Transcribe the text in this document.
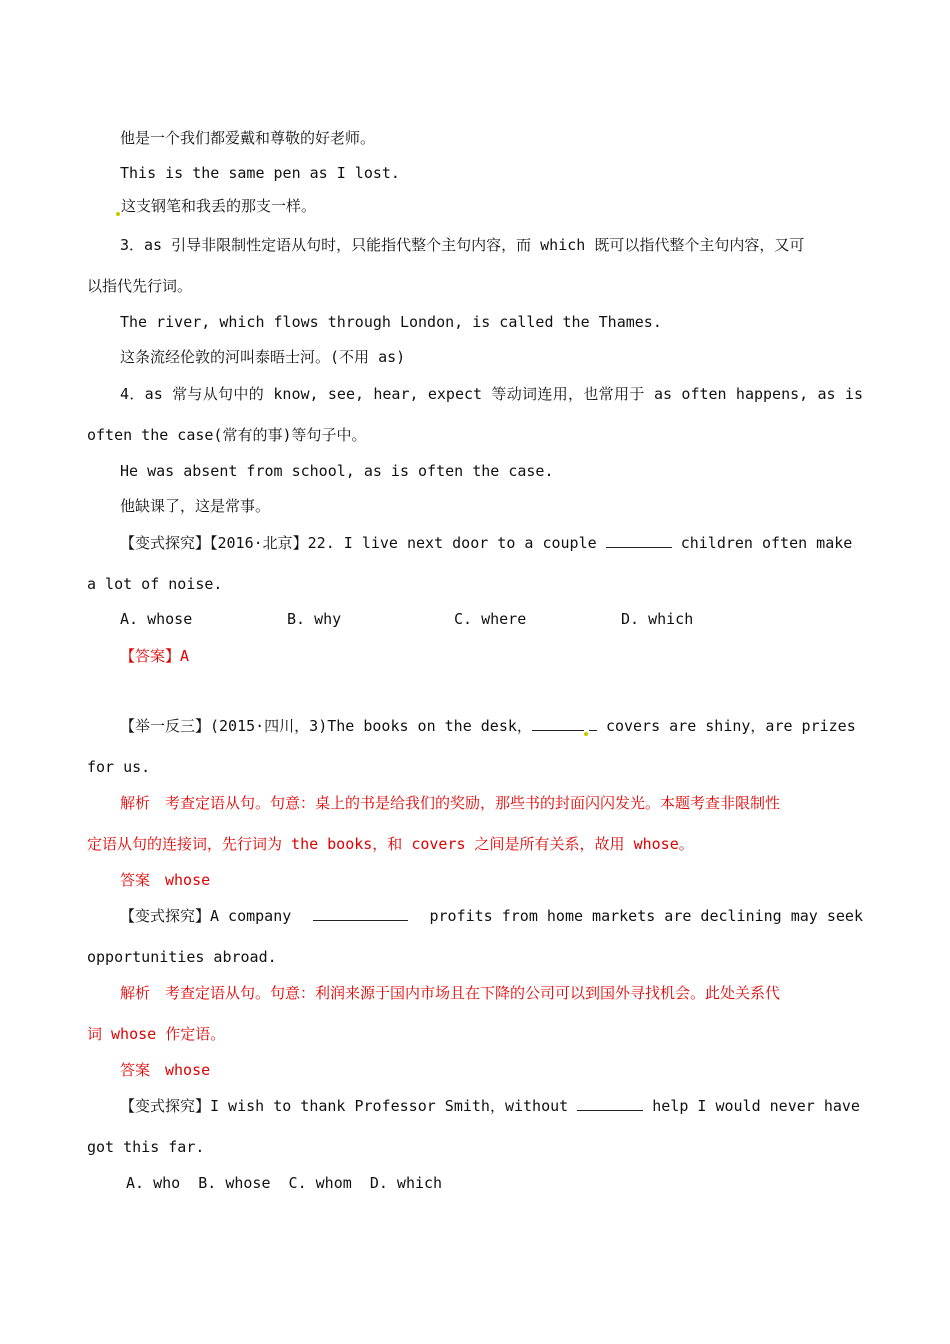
他是一个我们都爱戴和尊敬的好老师。
This is the same pen as I lost.
这支钢笔和我丢的那支一样。
3．as 引导非限制性定语从句时，只能指代整个主句内容，而 which 既可以指代整个主句内容，又可
以指代先行词。
The river, which flows through London, is called the Thames.
这条流经伦敦的河叫泰晤士河。(不用 as)
4．as 常与从句中的 know, see, hear, expect 等动词连用，也常用于 as often happens, as is
often the case(常有的事)等句子中。
He was absent from school, as is often the case.
他缺课了，这是常事。
【变式探究】【2016·北京】22. I live next door to a couple	children often make
a lot of noise.
A. whose	B. why	C. where	D. which
【答案】A
【举一反三】(2015·四川，3)The books on the desk，	covers are shiny，are prizes
for us.
解析　考查定语从句。句意：桌上的书是给我们的奖励，那些书的封面闪闪发光。本题考查非限制性
定语从句的连接词，先行词为 the books，和 covers 之间是所有关系，故用 whose。
答案　whose
【变式探究】A company	profits from home markets are declining may seek
opportunities abroad.
解析　考查定语从句。句意：利润来源于国内市场且在下降的公司可以到国外寻找机会。此处关系代
词 whose 作定语。
答案　whose
【变式探究】I wish to thank Professor Smith，without	help I would never have
got this far.
A. who  B. whose  C. whom  D. which
